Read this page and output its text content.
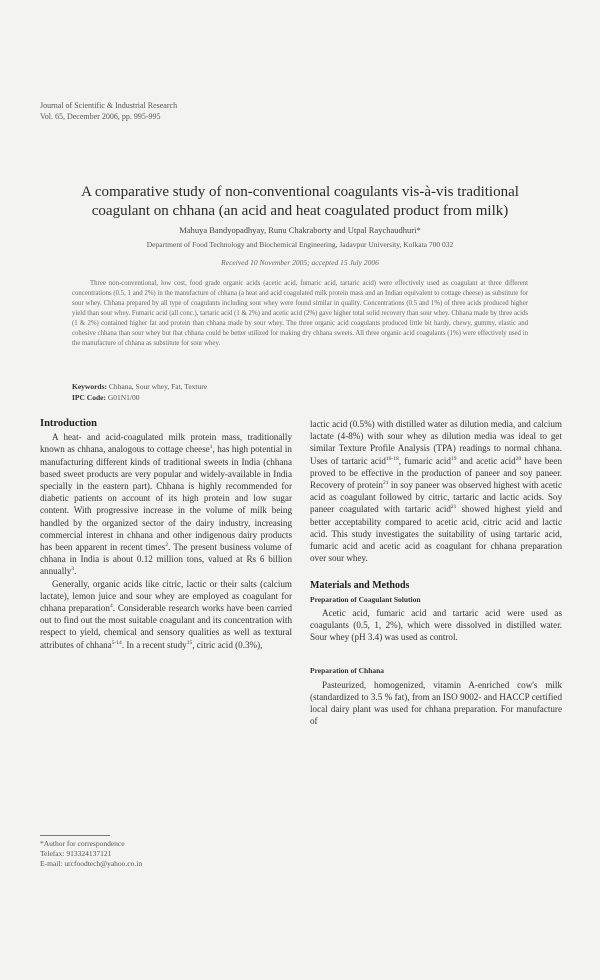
Journal of Scientific & Industrial Research
Vol. 65, December 2006, pp. 995-995
A comparative study of non-conventional coagulants vis-à-vis traditional
coagulant on chhana (an acid and heat coagulated product from milk)
Mahuya Bandyopadhyay, Runu Chakraborty and Utpal Raychaudhuri*
Department of Food Technology and Biochemical Engineering, Jadavpur University, Kolkata 700 032
Received 10 November 2005; accepted 15 July 2006

Three non-conventional, low cost, food grade organic acids (acetic acid, fumaric acid, tartaric acid) were effectively used as coagulant at three different concentrations (0.5, 1 and 2%) in the manufacture of chhana (a heat and acid coagulated milk protein mass and an Indian equivalent to cottage cheese) as substitute for sour whey. Chhana prepared by all type of coagulants including sour whey were found similar in quality. Concentrations (0.5 and 1%) of three acids produced higher yield than sour whey. Fumaric acid (all conc.), tartaric acid (1 & 2%) and acetic acid (2%) gave higher total solid recovery than sour whey. Chhana made by three acids (1 & 2%) contained higher fat and protein than chhana made by sour whey. The three organic acid coagulants produced little bit hardy, chewy, gummy, elastic and cohesive chhana than sour whey but that chhana could be better utilized for making dry chhana sweets. All three organic acid coagulants (1%) were effectively used in the manufacture of chhana as substitute for sour whey.

Keywords: Chhana, Sour whey, Fat, Texture
IPC Code: G01N1/00
Introduction

A heat- and acid-coagulated milk protein mass, traditionally known as chhana, analogous to cottage cheese$^1$, has high potential in manufacturing different kinds of traditional sweets in India (chhana based sweet products are very popular and widely-available in India specially in the eastern part). Chhana is highly recommended for diabetic patients on account of its high protein and low sugar content. With progressive increase in the volume of milk being handled by the organized sector of the dairy industry, increasing commercial interest in chhana and other indigenous dairy products has been apparent in recent times$^2$. The present business volume of chhana in India is about 0.12 million tons, valued at Rs 6 billion annually$^3$.

Generally, organic acids like citric, lactic or their salts (calcium lactate), lemon juice and sour whey are employed as coagulant for chhana preparation$^4$. Considerable research works have been carried out to find out the most suitable coagulant and its concentration with respect to yield, chemical and sensory qualities as well as textural attributes of chhana$^{5-14}$. In a recent study$^{15}$, citric acid (0.3%),

lactic acid (0.5%) with distilled water as dilution media, and calcium lactate (4-8%) with sour whey as dilution media was ideal to get similar Texture Profile Analysis (TPA) readings to normal chhana. Uses of tartaric acid$^{16-18}$, fumaric acid$^{19}$ and acetic acid$^{20}$ have been proved to be effective in the production of paneer and soy paneer. Recovery of protein$^{21}$ in soy paneer was observed highest with acetic acid as coagulant followed by citric, tartaric and lactic acids. Soy paneer coagulated with tartaric acid$^{21}$ showed highest yield and better acceptability compared to acetic acid, citric acid and lactic acid. This study investigates the suitability of using tartaric acid, fumaric acid and acetic acid as coagulant for chhana preparation over sour whey.

Materials and Methods
Preparation of Coagulant Solution

Acetic acid, fumaric acid and tartaric acid were used as coagulants (0.5, 1, 2%), which were dissolved in distilled water. Sour whey (pH 3.4) was used as control.

Preparation of Chhana

Pasteurized, homogenized, vitamin A-enriched cow's milk (standardized to 3.5 % fat), from an ISO 9002- and HACCP certified local dairy plant was used for chhana preparation. For manufacture of

*Author for correspondence
Telefax: 913324137121
E-mail: urcfoodtech@yahoo.co.in
